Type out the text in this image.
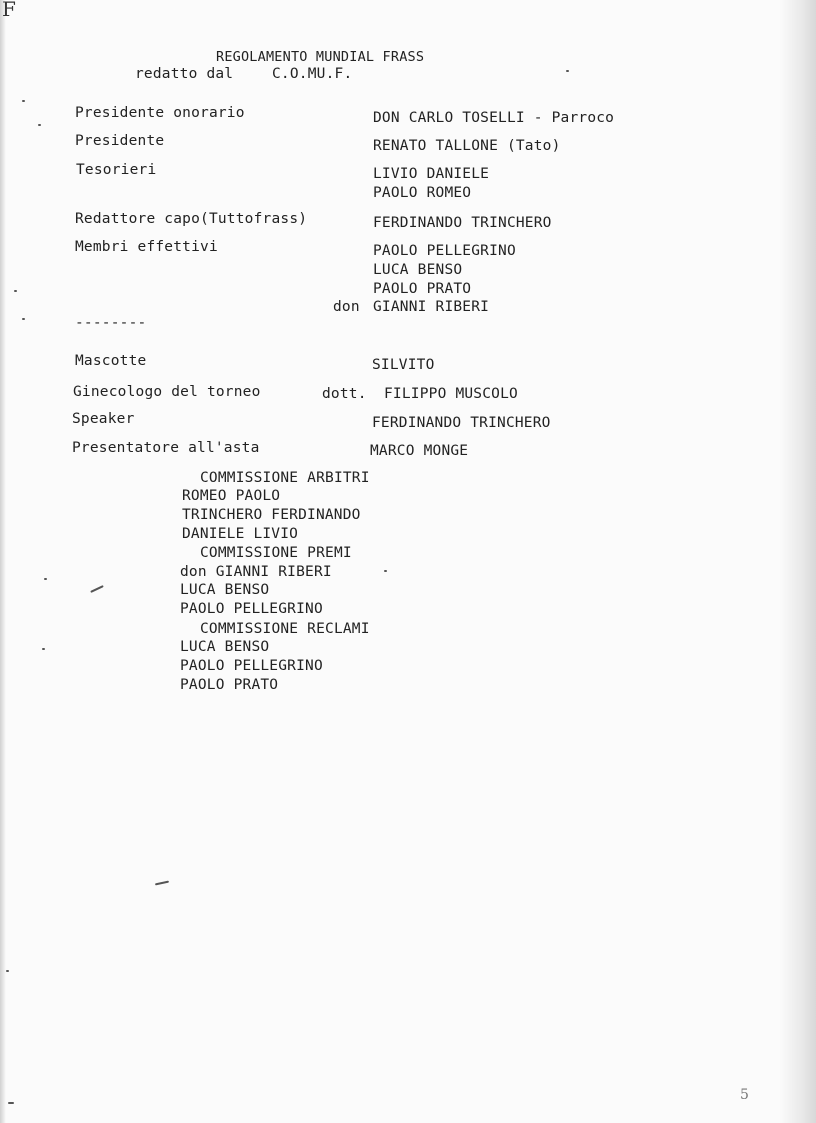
F
REGOLAMENTO MUNDIAL FRASS
redatto dal	C.O.MU.F.
Presidente onorario	DON CARLO TOSELLI - Parroco
Presidente	RENATO TALLONE (Tato)
Tesorieri	LIVIO DANIELE
PAOLO ROMEO
Redattore capo(Tuttofrass)	FERDINANDO TRINCHERO
Membri effettivi	PAOLO PELLEGRINO
LUCA BENSO
PAOLO PRATO
don GIANNI RIBERI
--------
Mascotte	SILVITO
Ginecologo del torneo	dott. FILIPPO MUSCOLO
Speaker	FERDINANDO TRINCHERO
Presentatore all'asta	MARCO MONGE
COMMISSIONE ARBITRI
ROMEO PAOLO
TRINCHERO FERDINANDO
DANIELE LIVIO
COMMISSIONE PREMI
don GIANNI RIBERI
LUCA BENSO
PAOLO PELLEGRINO
COMMISSIONE RECLAMI
LUCA BENSO
PAOLO PELLEGRINO
PAOLO PRATO
5
